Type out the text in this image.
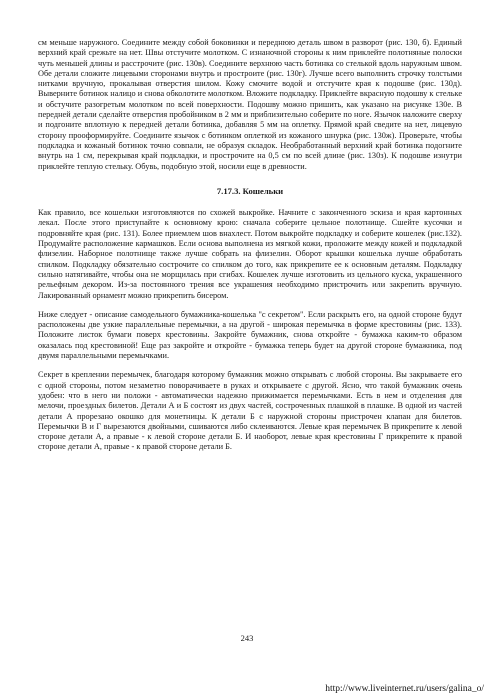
см меньше наружного. Соедините между собой боковинки и переднюю деталь швом в разворот (рис. 130, б). Единый верхний край срежьте на нет. Швы отстучите молотком. С изнаночной стороны к ним приклейте полотняные полоски чуть меньшей длины и расстрочите (рис. 130в). Соедините верхнюю часть ботинка со стелькой вдоль наружным швом. Обе детали сложите лицевыми сторонами внутрь и простроите (рис. 130г). Лучше всего выполнить строчку толстыми нитками вручную, прокалывая отверстия шилом. Кожу смочите водой и отстучите края к подошве (рис. 130д). Выверните ботинок налицо и снова обколотите молотком. Вложите подкладку. Приклейте вкрасную подошву к стельке и обстучите разогретым молотком по всей поверхности. Подошву можно пришить, как указано на рисунке 130е. В передней детали сделайте отверстия пробойником в 2 мм и приблизительно соберите по ноге. Язычок наложите сверху и подгоните вплотную к передней детали ботинка, добавляя 5 мм на оплетку. Прямой край сведите на нет, лицевую сторону прооформируйте. Соедините язычок с ботинком оплеткой из кожаного шнурка (рис. 130ж). Проверьте, чтобы подкладка и кожаный ботинок точно совпали, не образуя складок. Необработанный верхний край ботинка подогните внутрь на 1 см, перекрывая край подкладки, и прострочите на 0,5 см по всей длине (рис. 130з). К подошве изнутри приклейте теплую стельку. Обувь, подобную этой, носили еще в древности.

7.17.3. Кошельки

Как правило, все кошельки изготовляются по схожей выкройке. Начните с законченного эскиза и края картонных лекал. После этого приступайте к основному крою: сначала соберите цельное полотнище. Сшейте кусочки и подровняйте края (рис. 131). Более приемлем шов внахлест. Потом выкройте подкладку и соберите кошелек (рис.132). Продумайте расположение кармашков. Если основа выполнена из мягкой кожи, проложите между кожей и подкладкой флизелин. Наборное полотнище также лучше собрать на флизелин. Оборот крышки кошелька лучше обработать спилком. Подкладку обязательно сострочите со спилком до того, как прикрепите ее к основным деталям. Подкладку сильно натягивайте, чтобы она не морщилась при сгибах. Кошелек лучше изготовить из цельного куска, украшенного рельефным декором. Из-за постоянного трения все украшения необходимо пристрочить или закрепить вручную. Лакированный орнамент можно прикрепить бисером.

Ниже следует - описание самодельного бумажника-кошелька "с секретом". Если раскрыть его, на одной стороне будут расположены две узкие параллельные перемычки, а на другой - широкая перемычка в форме крестовины (рис. 133). Положите листок бумаги поверх крестовины. Закройте бумажник, снова откройте - бумажка каким-то образом оказалась под крестовиной! Еще раз закройте и откройте - бумажка теперь будет на другой стороне бумажника, под двумя параллельными перемычками.

Секрет в креплении перемычек, благодаря которому бумажник можно открывать с любой стороны. Вы закрываете его с одной стороны, потом незаметно поворачиваете в руках и открываете с другой. Ясно, что такой бумажник очень удобен: что в него ни положи - автоматически надежно прижимается перемычками. Есть в нем и отделения для мелочи, проездных билетов. Детали А и Б состоят из двух частей, состроченных плашкой в плашке. В одной из частей детали А прорезано окошко для монетницы. К детали Б с наружной стороны пристрочен клапан для билетов. Перемычки В и Г вырезаются двойными, сшиваются либо склеиваются. Левые края перемычек В прикрепите к левой стороне детали А, а правые - к левой стороне детали Б. И наоборот, левые края крестовины Г прикрепите к правой стороне детали А, правые - к правой стороне детали Б.

243
http://www.liveinternet.ru/users/galina_o/
